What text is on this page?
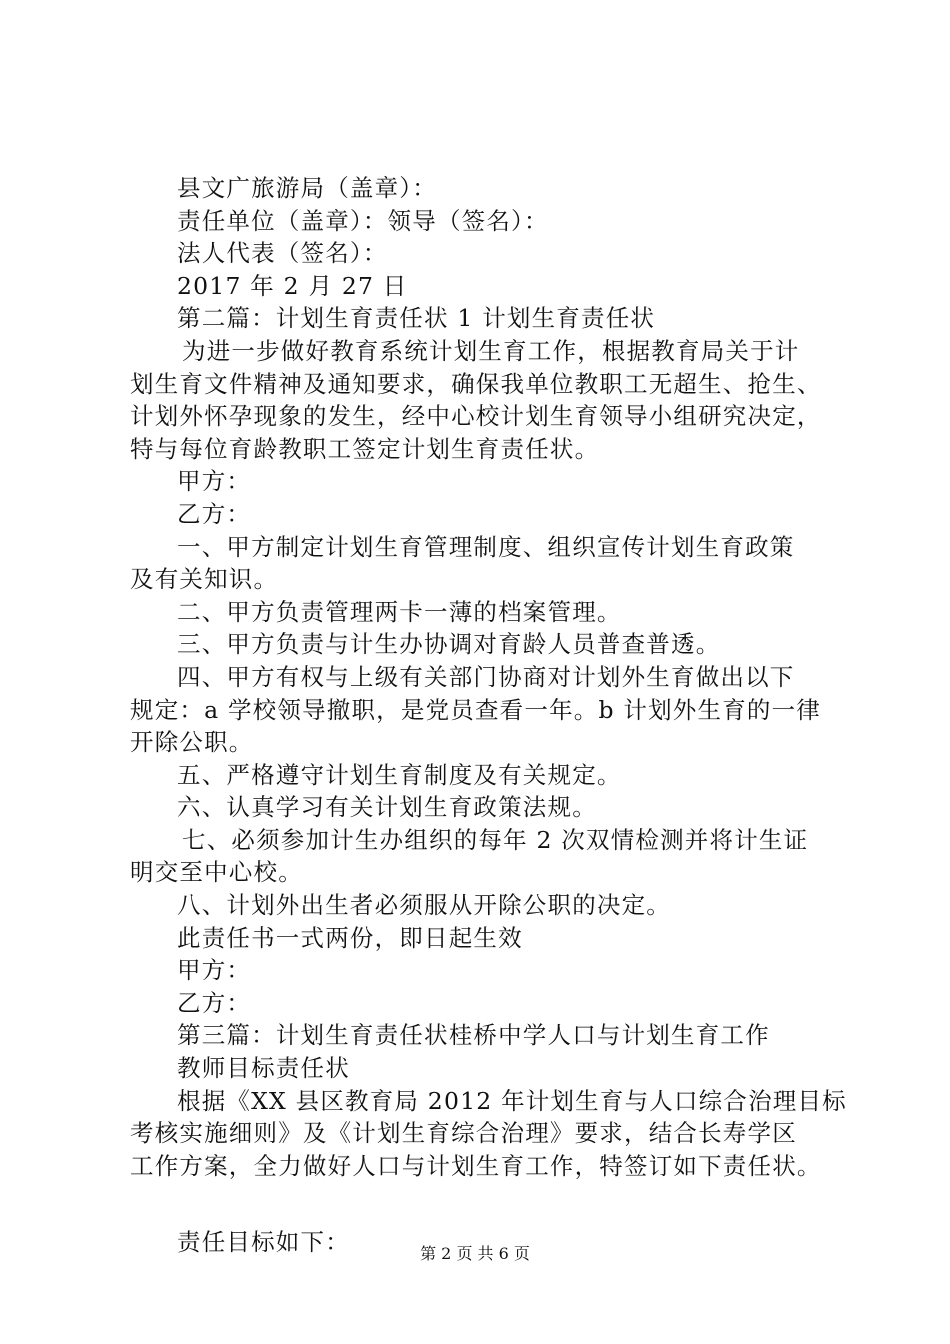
县文广旅游局（盖章）：
责任单位（盖章）：领导（签名）：
法人代表（签名）：
2017 年 2 月 27 日
第二篇：计划生育责任状 1 计划生育责任状
为进一步做好教育系统计划生育工作，根据教育局关于计
划生育文件精神及通知要求，确保我单位教职工无超生、抢生、
计划外怀孕现象的发生，经中心校计划生育领导小组研究决定，
特与每位育龄教职工签定计划生育责任状。
甲方：
乙方：
一、甲方制定计划生育管理制度、组织宣传计划生育政策
及有关知识。
二、甲方负责管理两卡一薄的档案管理。
三、甲方负责与计生办协调对育龄人员普查普透。
四、甲方有权与上级有关部门协商对计划外生育做出以下
规定：a 学校领导撤职，是党员查看一年。b 计划外生育的一律
开除公职。
五、严格遵守计划生育制度及有关规定。
六、认真学习有关计划生育政策法规。
七、必须参加计生办组织的每年 2 次双情检测并将计生证
明交至中心校。
八、计划外出生者必须服从开除公职的决定。
此责任书一式两份，即日起生效
甲方：
乙方：
第三篇：计划生育责任状桂桥中学人口与计划生育工作
教师目标责任状
根据《XX 县区教育局 2012 年计划生育与人口综合治理目标
考核实施细则》及《计划生育综合治理》要求，结合长寿学区
工作方案，全力做好人口与计划生育工作，特签订如下责任状。
责任目标如下：	第 2 页 共 6 页
